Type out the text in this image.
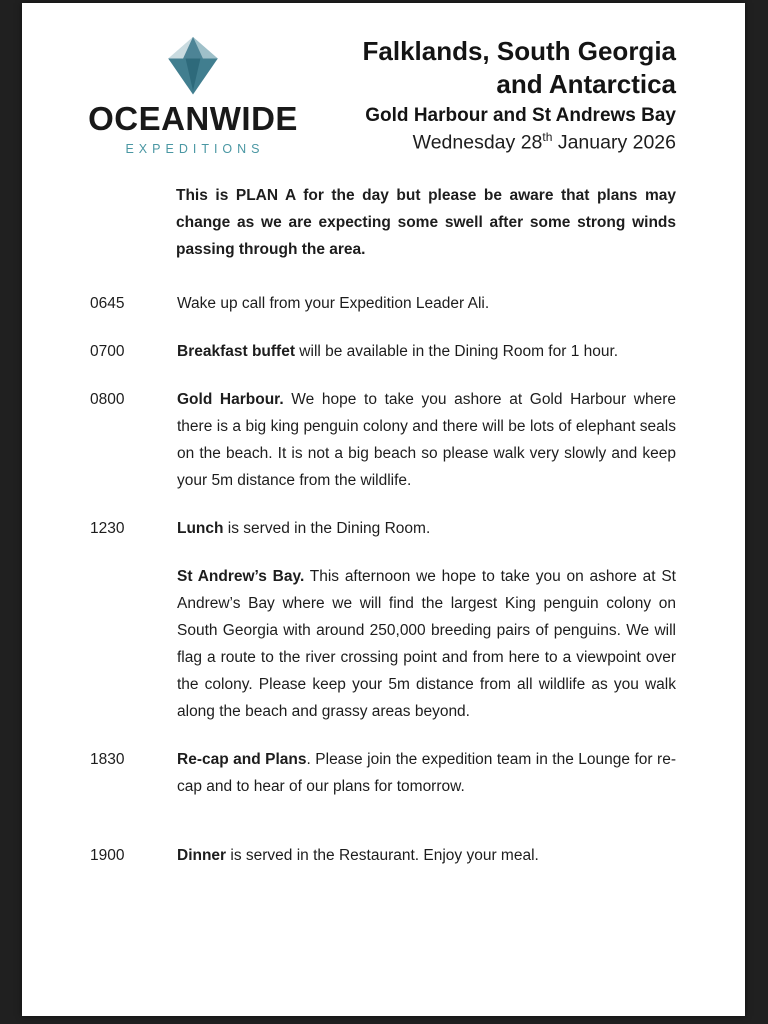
OCEANWIDE
EXPEDITIONS
Falklands, South Georgia
and Antarctica
Gold Harbour and St Andrews Bay
Wednesday 28th January 2026

This is PLAN A for the day but please be aware that plans may change as we are expecting some swell after some strong winds passing through the area.

0645	Wake up call from your Expedition Leader Ali.
0700	Breakfast buffet will be available in the Dining Room for 1 hour.
0800	Gold Harbour. We hope to take you ashore at Gold Harbour where there is a big king penguin colony and there will be lots of elephant seals on the beach. It is not a big beach so please walk very slowly and keep your 5m distance from the wildlife.
1230	Lunch is served in the Dining Room.
St Andrew’s Bay. This afternoon we hope to take you on ashore at St Andrew’s Bay where we will find the largest King penguin colony on South Georgia with around 250,000 breeding pairs of penguins. We will flag a route to the river crossing point and from here to a viewpoint over the colony. Please keep your 5m distance from all wildlife as you walk along the beach and grassy areas beyond.
1830	Re-cap and Plans. Please join the expedition team in the Lounge for re-cap and to hear of our plans for tomorrow.
1900	Dinner is served in the Restaurant. Enjoy your meal.
